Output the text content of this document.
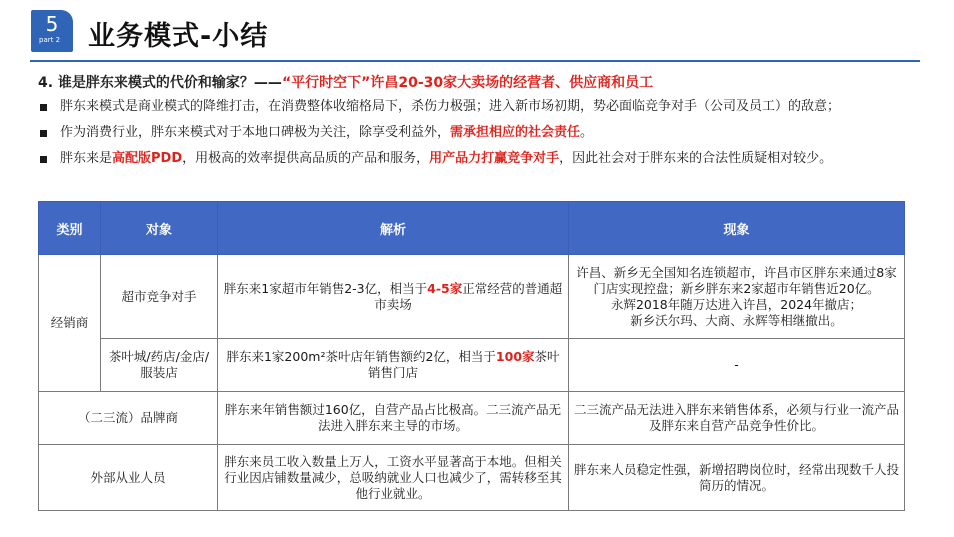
5
part 2	业务模式-小结
4. 谁是胖东来模式的代价和输家？——“平行时空下”许昌20-30家大卖场的经营者、供应商和员工
胖东来模式是商业模式的降维打击，在消费整体收缩格局下，杀伤力极强；进入新市场初期，势必面临竞争对手（公司及员工）的敌意；
作为消费行业，胖东来模式对于本地口碑极为关注，除享受利益外，需承担相应的社会责任。
胖东来是高配版PDD，用极高的效率提供高品质的产品和服务，用产品力打赢竞争对手，因此社会对于胖东来的合法性质疑相对较少。
类别	对象	解析	现象
经销商	超市竞争对手	胖东来1家超市年销售2-3亿，相当于4-5家正常经营的普通超市卖场	许昌、新乡无全国知名连锁超市，许昌市区胖东来通过8家门店实现控盘；新乡胖东来2家超市年销售近20亿。
永辉2018年随万达进入许昌，2024年撤店；
新乡沃尔玛、大商、永辉等相继撤出。

	茶叶城/药店/金店/服装店	胖东来1家200m²茶叶店年销售额约2亿，相当于100家茶叶销售门店	-
（二三流）品牌商		胖东来年销售额过160亿，自营产品占比极高。二三流产品无法进入胖东来主导的市场。	二三流产品无法进入胖东来销售体系，必须与行业一流产品及胖东来自营产品竞争性价比。
外部从业人员		胖东来员工收入数量上万人，工资水平显著高于本地。但相关行业因店铺数量减少，总吸纳就业人口也减少了，需转移至其他行业就业。	胖东来人员稳定性强，新增招聘岗位时，经常出现数千人投简历的情况。
